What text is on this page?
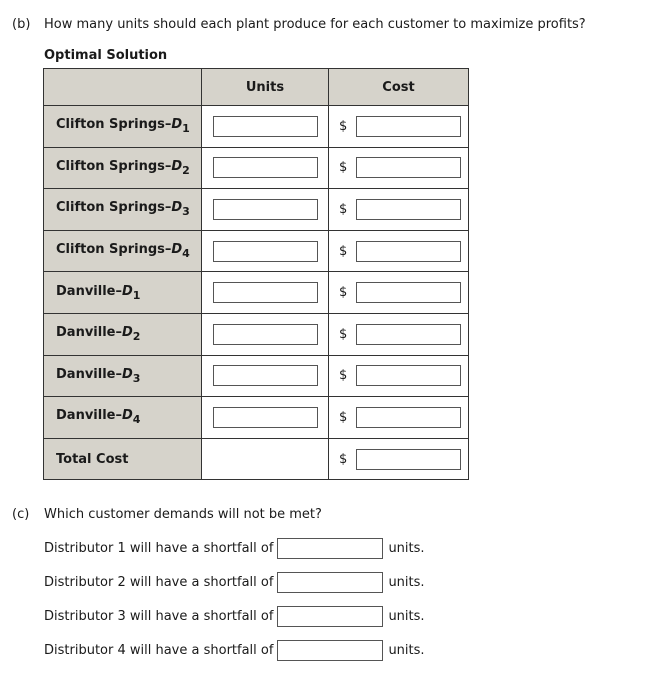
(b) How many units should each plant produce for each customer to maximize profits?
Optimal Solution
	Units	Cost
Clifton Springs–$D_1$		$
Clifton Springs–$D_2$		$
Clifton Springs–$D_3$		$
Clifton Springs–$D_4$		$
Danville–$D_1$		$
Danville–$D_2$		$
Danville–$D_3$		$
Danville–$D_4$		$
Total Cost		$
(c) Which customer demands will not be met?
Distributor 1 will have a shortfall of	units.
Distributor 2 will have a shortfall of	units.
Distributor 3 will have a shortfall of	units.
Distributor 4 will have a shortfall of	units.
